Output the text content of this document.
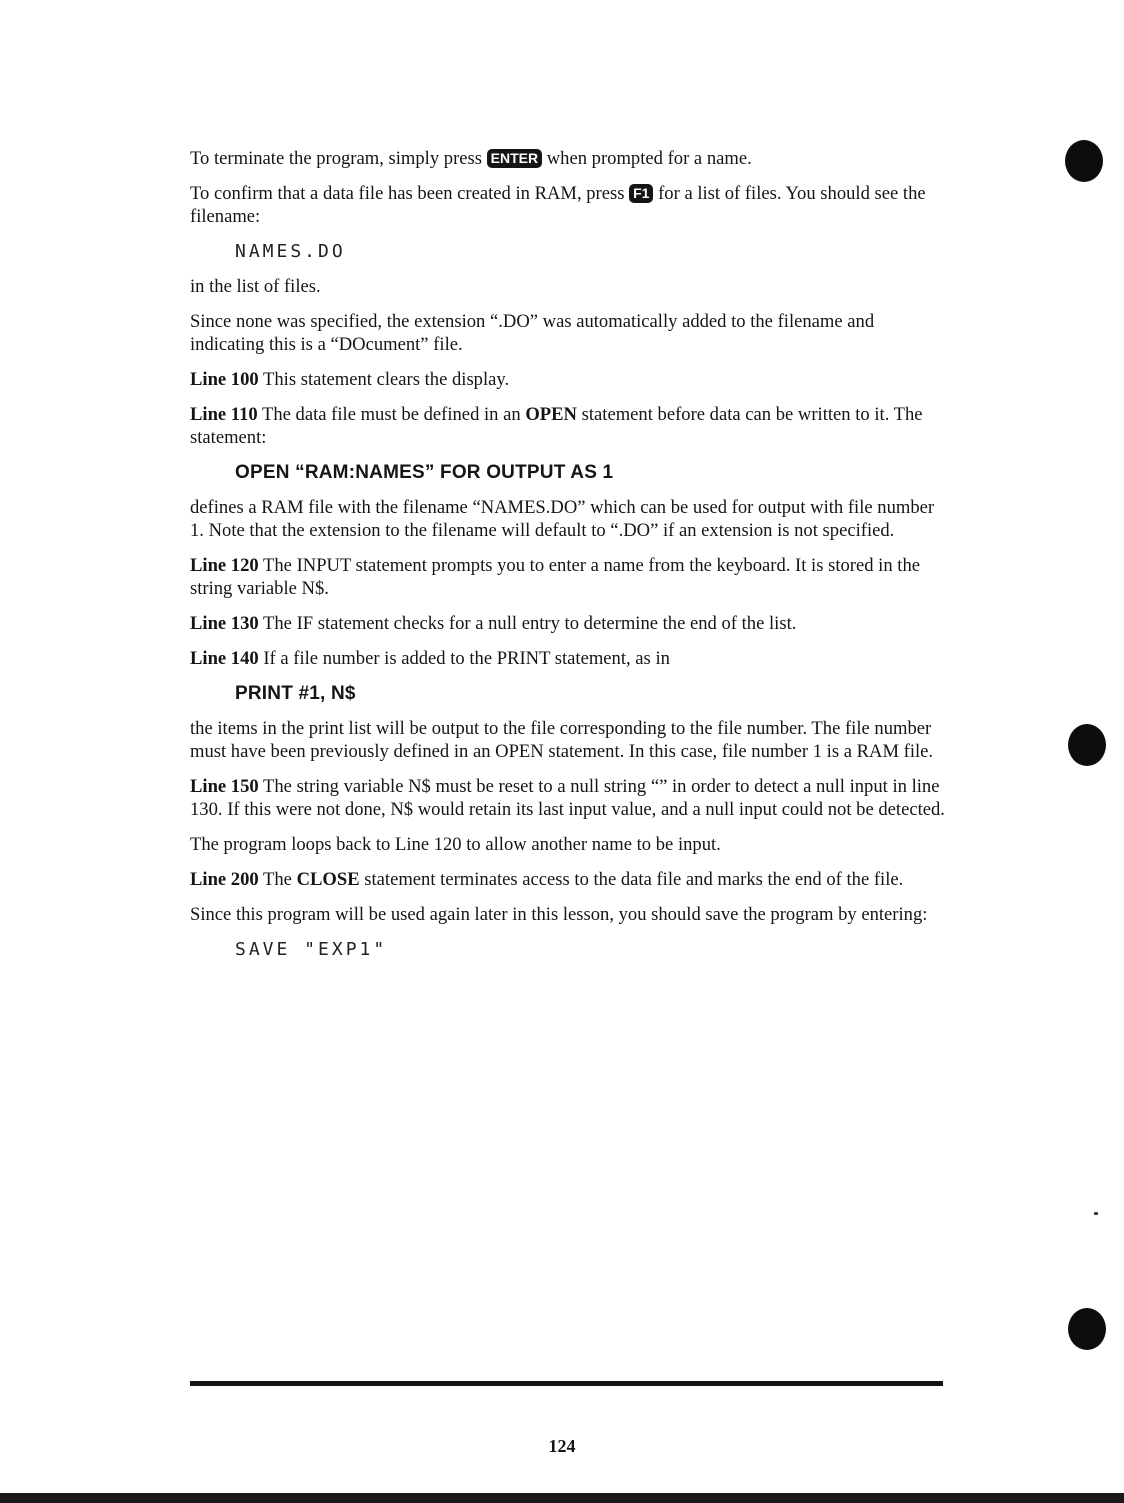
To terminate the program, simply press ENTER when prompted for a name.

To confirm that a data file has been created in RAM, press F1 for a list of files. You should see the filename:

NAMES.DO

in the list of files.

Since none was specified, the extension “.DO” was automatically added to the filename and indicating this is a “DOcument” file.

Line 100 This statement clears the display.

Line 110 The data file must be defined in an OPEN statement before data can be written to it. The statement:

OPEN “RAM:NAMES” FOR OUTPUT AS 1

defines a RAM file with the filename “NAMES.DO” which can be used for output with file number 1. Note that the extension to the filename will default to “.DO” if an extension is not specified.

Line 120 The INPUT statement prompts you to enter a name from the keyboard. It is stored in the string variable N$.

Line 130 The IF statement checks for a null entry to determine the end of the list.

Line 140 If a file number is added to the PRINT statement, as in

PRINT #1, N$

the items in the print list will be output to the file corresponding to the file number. The file number must have been previously defined in an OPEN statement. In this case, file number 1 is a RAM file.

Line 150 The string variable N$ must be reset to a null string “” in order to detect a null input in line 130. If this were not done, N$ would retain its last input value, and a null input could not be detected.

The program loops back to Line 120 to allow another name to be input.

Line 200 The CLOSE statement terminates access to the data file and marks the end of the file.

Since this program will be used again later in this lesson, you should save the program by entering:

SAVE "EXP1"

124
